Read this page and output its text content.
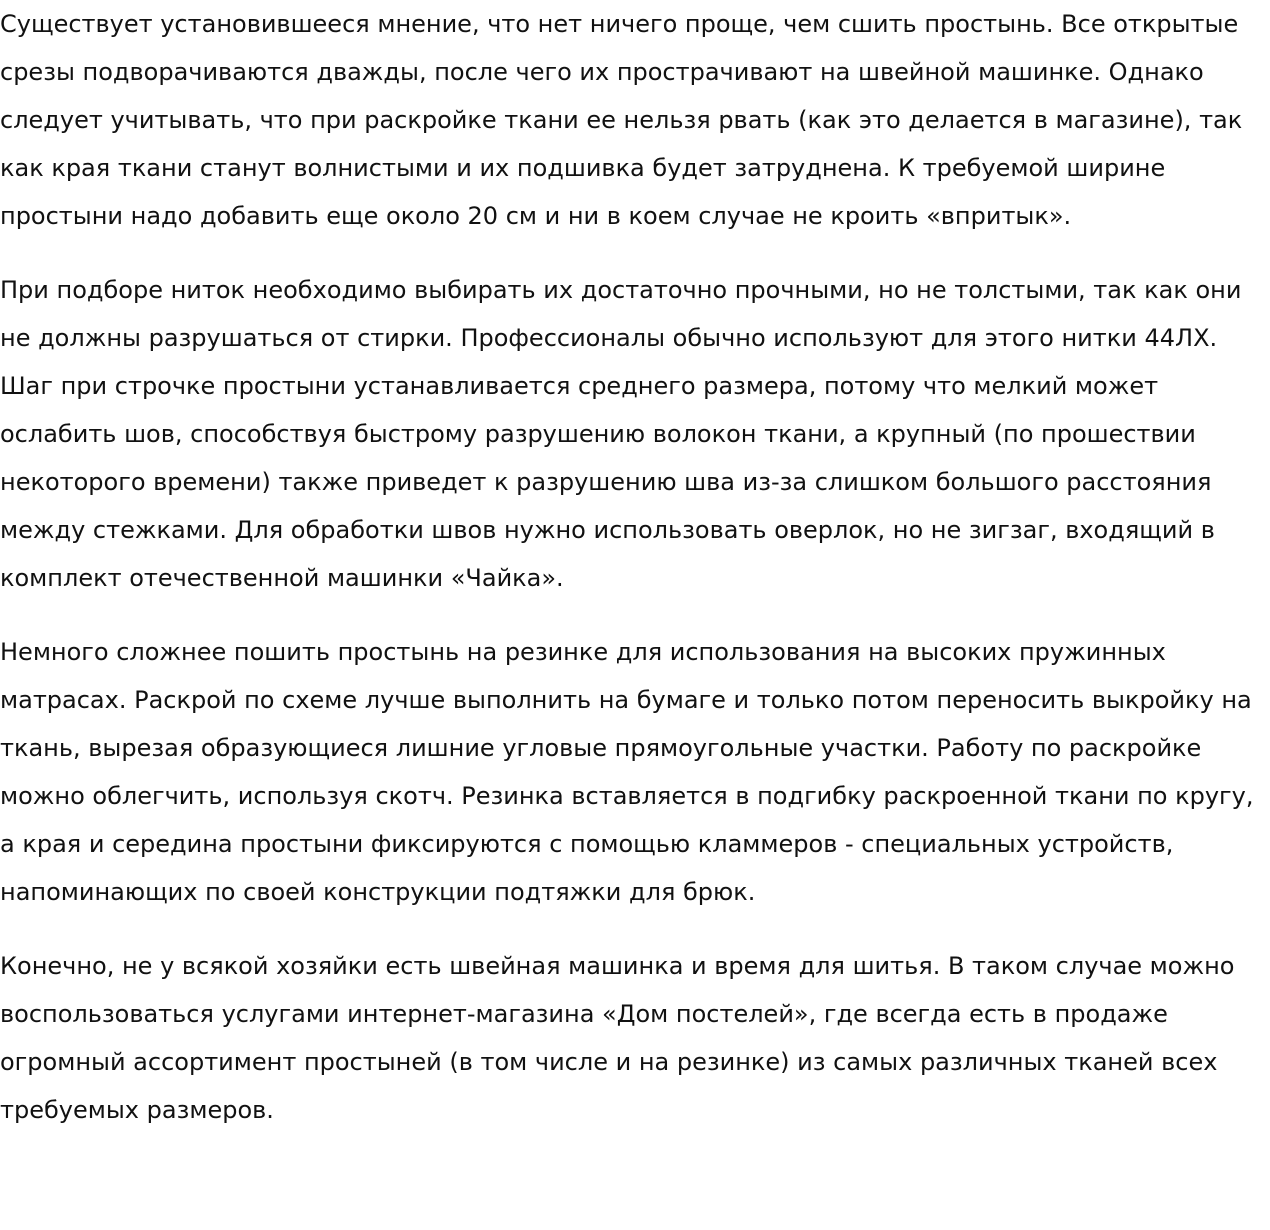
Существует установившееся мнение, что нет ничего проще, чем сшить простынь. Все открытые срезы подворачиваются дважды, после чего их прострачивают на швейной машинке. Однако следует учитывать, что при раскройке ткани ее нельзя рвать (как это делается в магазине), так как края ткани станут волнистыми и их подшивка будет затруднена. К требуемой ширине простыни надо добавить еще около 20 см и ни в коем случае не кроить «впритык».

При подборе ниток необходимо выбирать их достаточно прочными, но не толстыми, так как они не должны разрушаться от стирки. Профессионалы обычно используют для этого нитки 44ЛХ. Шаг при строчке простыни устанавливается среднего размера, потому что мелкий может ослабить шов, способствуя быстрому разрушению волокон ткани, а крупный (по прошествии некоторого времени) также приведет к разрушению шва из-за слишком большого расстояния между стежками. Для обработки швов нужно использовать оверлок, но не зигзаг, входящий в комплект отечественной машинки «Чайка».

Немного сложнее пошить простынь на резинке для использования на высоких пружинных матрасах. Раскрой по схеме лучше выполнить на бумаге и только потом переносить выкройку на ткань, вырезая образующиеся лишние угловые прямоугольные участки. Работу по раскройке можно облегчить, используя скотч. Резинка вставляется в подгибку раскроенной ткани по кругу, а края и середина простыни фиксируются с помощью кламмеров - специальных устройств, напоминающих по своей конструкции подтяжки для брюк.

Конечно, не у всякой хозяйки есть швейная машинка и время для шитья. В таком случае можно воспользоваться услугами интернет-магазина «Дом постелей», где всегда есть в продаже огромный ассортимент простыней (в том числе и на резинке) из самых различных тканей всех требуемых размеров.
